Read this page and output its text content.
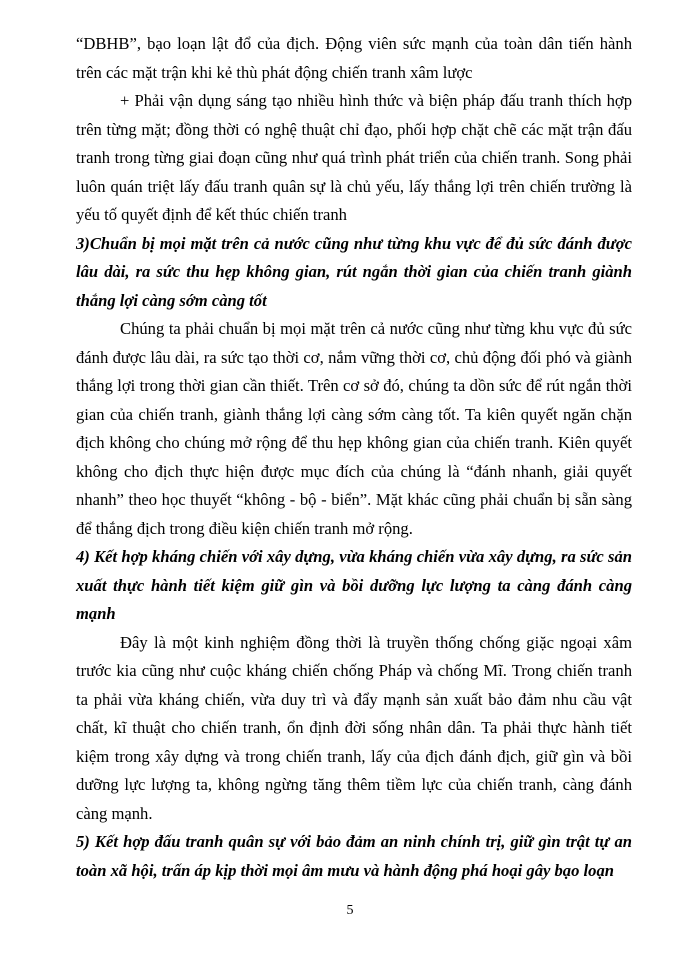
“DBHB”, bạo loạn lật đổ của địch. Động viên sức mạnh của toàn dân tiến hành trên các mặt trận khi kẻ thù phát động chiến tranh xâm lược

+ Phải vận dụng sáng tạo nhiều hình thức và biện pháp đấu tranh thích hợp trên từng mặt; đồng thời có nghệ thuật chỉ đạo, phối hợp chặt chẽ các mặt trận đấu tranh trong từng giai đoạn cũng như quá trình phát triển của chiến tranh. Song phải luôn quán triệt lấy đấu tranh quân sự là chủ yếu, lấy thắng lợi trên chiến trường là yếu tố quyết định để kết thúc chiến tranh

3)Chuẩn bị mọi mặt trên cả nước cũng như từng khu vực để đủ sức đánh được lâu dài, ra sức thu hẹp không gian, rút ngắn thời gian của chiến tranh giành thắng lợi càng sớm càng tốt

Chúng ta phải chuẩn bị mọi mặt trên cả nước cũng như từng khu vực đủ sức đánh được lâu dài, ra sức tạo thời cơ, nắm vững thời cơ, chủ động đối phó và giành thắng lợi trong thời gian cần thiết. Trên cơ sở đó, chúng ta dồn sức để rút ngắn thời gian của chiến tranh, giành thắng lợi càng sớm càng tốt. Ta kiên quyết ngăn chặn địch không cho chúng mở rộng để thu hẹp không gian của chiến tranh. Kiên quyết không cho địch thực hiện được mục đích của chúng là “đánh nhanh, giải quyết nhanh” theo học thuyết “không - bộ - biển”. Mặt khác cũng phải chuẩn bị sẵn sàng để thắng địch trong điều kiện chiến tranh mở rộng.

4) Kết hợp kháng chiến với xây dựng, vừa kháng chiến vừa xây dựng, ra sức sản xuất thực hành tiết kiệm giữ gìn và bồi dưỡng lực lượng ta càng đánh càng mạnh

Đây là một kinh nghiệm đồng thời là truyền thống chống giặc ngoại xâm trước kia cũng như cuộc kháng chiến chống Pháp và chống Mĩ. Trong chiến tranh ta phải vừa kháng chiến, vừa duy trì và đẩy mạnh sản xuất bảo đảm nhu cầu vật chất, kĩ thuật cho chiến tranh, ổn định đời sống nhân dân. Ta phải thực hành tiết kiệm trong xây dựng và trong chiến tranh, lấy của địch đánh địch, giữ gìn và bồi dưỡng lực lượng ta, không ngừng tăng thêm tiềm lực của chiến tranh, càng đánh càng mạnh.

5) Kết hợp đấu tranh quân sự với bảo đảm an ninh chính trị, giữ gìn trật tự an toàn xã hội, trấn áp kịp thời mọi âm mưu và hành động phá hoại gây bạo loạn

5
